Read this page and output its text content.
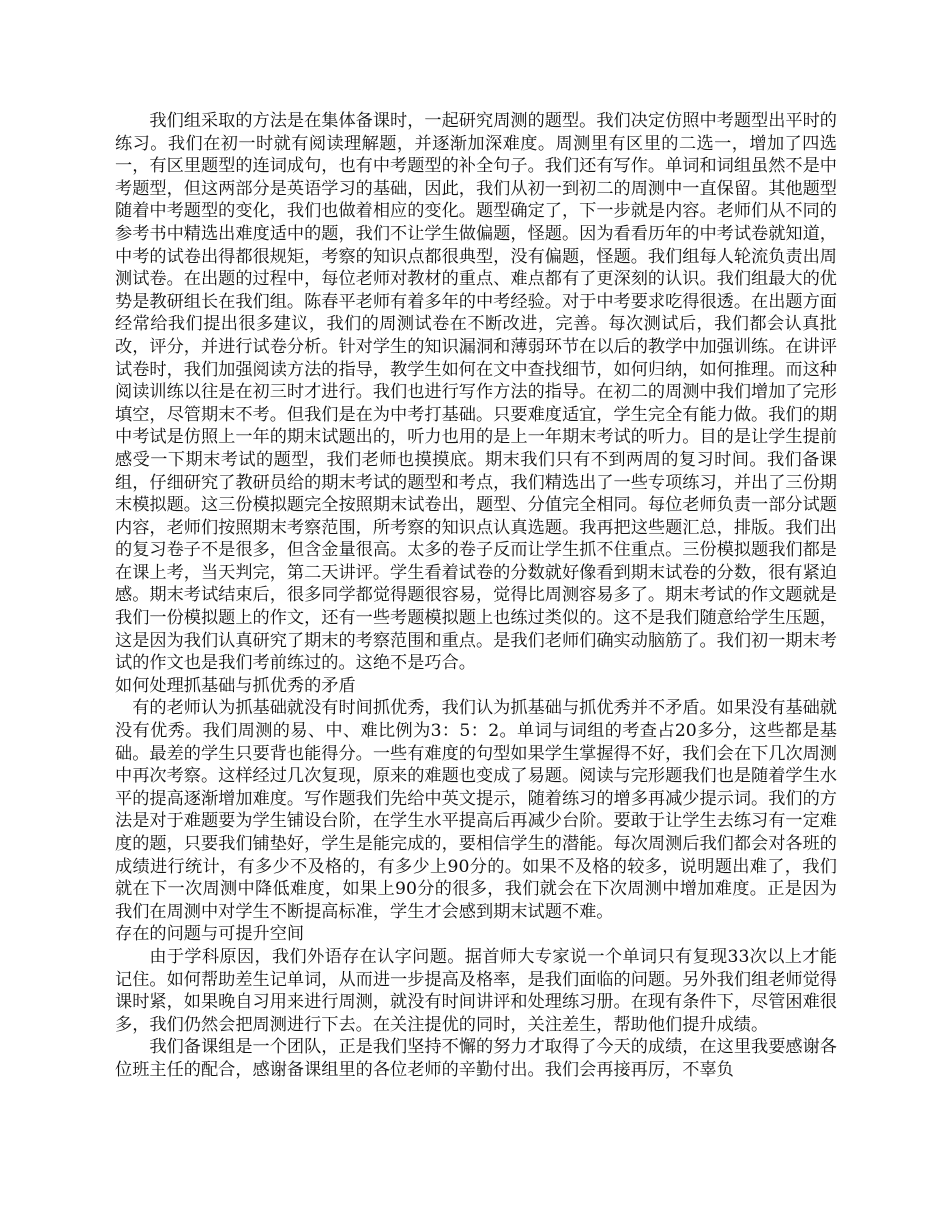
我们组采取的方法是在集体备课时，一起研究周测的题型。我们决定仿照中考题型出平时的练习。我们在初一时就有阅读理解题，并逐渐加深难度。周测里有区里的二选一，增加了四选一，有区里题型的连词成句，也有中考题型的补全句子。我们还有写作。单词和词组虽然不是中考题型，但这两部分是英语学习的基础，因此，我们从初一到初二的周测中一直保留。其他题型随着中考题型的变化，我们也做着相应的变化。题型确定了，下一步就是内容。老师们从不同的参考书中精选出难度适中的题，我们不让学生做偏题，怪题。因为看看历年的中考试卷就知道，中考的试卷出得都很规矩，考察的知识点都很典型，没有偏题，怪题。我们组每人轮流负责出周测试卷。在出题的过程中，每位老师对教材的重点、难点都有了更深刻的认识。我们组最大的优势是教研组长在我们组。陈春平老师有着多年的中考经验。对于中考要求吃得很透。在出题方面经常给我们提出很多建议，我们的周测试卷在不断改进，完善。每次测试后，我们都会认真批改，评分，并进行试卷分析。针对学生的知识漏洞和薄弱环节在以后的教学中加强训练。在讲评试卷时，我们加强阅读方法的指导，教学生如何在文中查找细节，如何归纳，如何推理。而这种阅读训练以往是在初三时才进行。我们也进行写作方法的指导。在初二的周测中我们增加了完形填空，尽管期末不考。但我们是在为中考打基础。只要难度适宜，学生完全有能力做。我们的期中考试是仿照上一年的期末试题出的，听力也用的是上一年期末考试的听力。目的是让学生提前感受一下期末考试的题型，我们老师也摸摸底。期末我们只有不到两周的复习时间。我们备课组，仔细研究了教研员给的期末考试的题型和考点，我们精选出了一些专项练习，并出了三份期末模拟题。这三份模拟题完全按照期末试卷出，题型、分值完全相同。每位老师负责一部分试题内容，老师们按照期末考察范围，所考察的知识点认真选题。我再把这些题汇总，排版。我们出的复习卷子不是很多，但含金量很高。太多的卷子反而让学生抓不住重点。三份模拟题我们都是在课上考，当天判完，第二天讲评。学生看着试卷的分数就好像看到期末试卷的分数，很有紧迫感。期末考试结束后，很多同学都觉得题很容易，觉得比周测容易多了。期末考试的作文题就是我们一份模拟题上的作文，还有一些考题模拟题上也练过类似的。这不是我们随意给学生压题，这是因为我们认真研究了期末的考察范围和重点。是我们老师们确实动脑筋了。我们初一期末考试的作文也是我们考前练过的。这绝不是巧合。

如何处理抓基础与抓优秀的矛盾

有的老师认为抓基础就没有时间抓优秀，我们认为抓基础与抓优秀并不矛盾。如果没有基础就没有优秀。我们周测的易、中、难比例为3：5：2。单词与词组的考查占20多分，这些都是基础。最差的学生只要背也能得分。一些有难度的句型如果学生掌握得不好，我们会在下几次周测中再次考察。这样经过几次复现，原来的难题也变成了易题。阅读与完形题我们也是随着学生水平的提高逐渐增加难度。写作题我们先给中英文提示，随着练习的增多再减少提示词。我们的方法是对于难题要为学生铺设台阶，在学生水平提高后再减少台阶。要敢于让学生去练习有一定难度的题，只要我们铺垫好，学生是能完成的，要相信学生的潜能。每次周测后我们都会对各班的成绩进行统计，有多少不及格的，有多少上90分的。如果不及格的较多，说明题出难了，我们就在下一次周测中降低难度，如果上90分的很多，我们就会在下次周测中增加难度。正是因为我们在周测中对学生不断提高标准，学生才会感到期末试题不难。

存在的问题与可提升空间

由于学科原因，我们外语存在认字问题。据首师大专家说一个单词只有复现33次以上才能记住。如何帮助差生记单词，从而进一步提高及格率，是我们面临的问题。另外我们组老师觉得课时紧，如果晚自习用来进行周测，就没有时间讲评和处理练习册。在现有条件下，尽管困难很多，我们仍然会把周测进行下去。在关注提优的同时，关注差生，帮助他们提升成绩。

我们备课组是一个团队，正是我们坚持不懈的努力才取得了今天的成绩，在这里我要感谢各位班主任的配合，感谢备课组里的各位老师的辛勤付出。我们会再接再厉，不辜负
